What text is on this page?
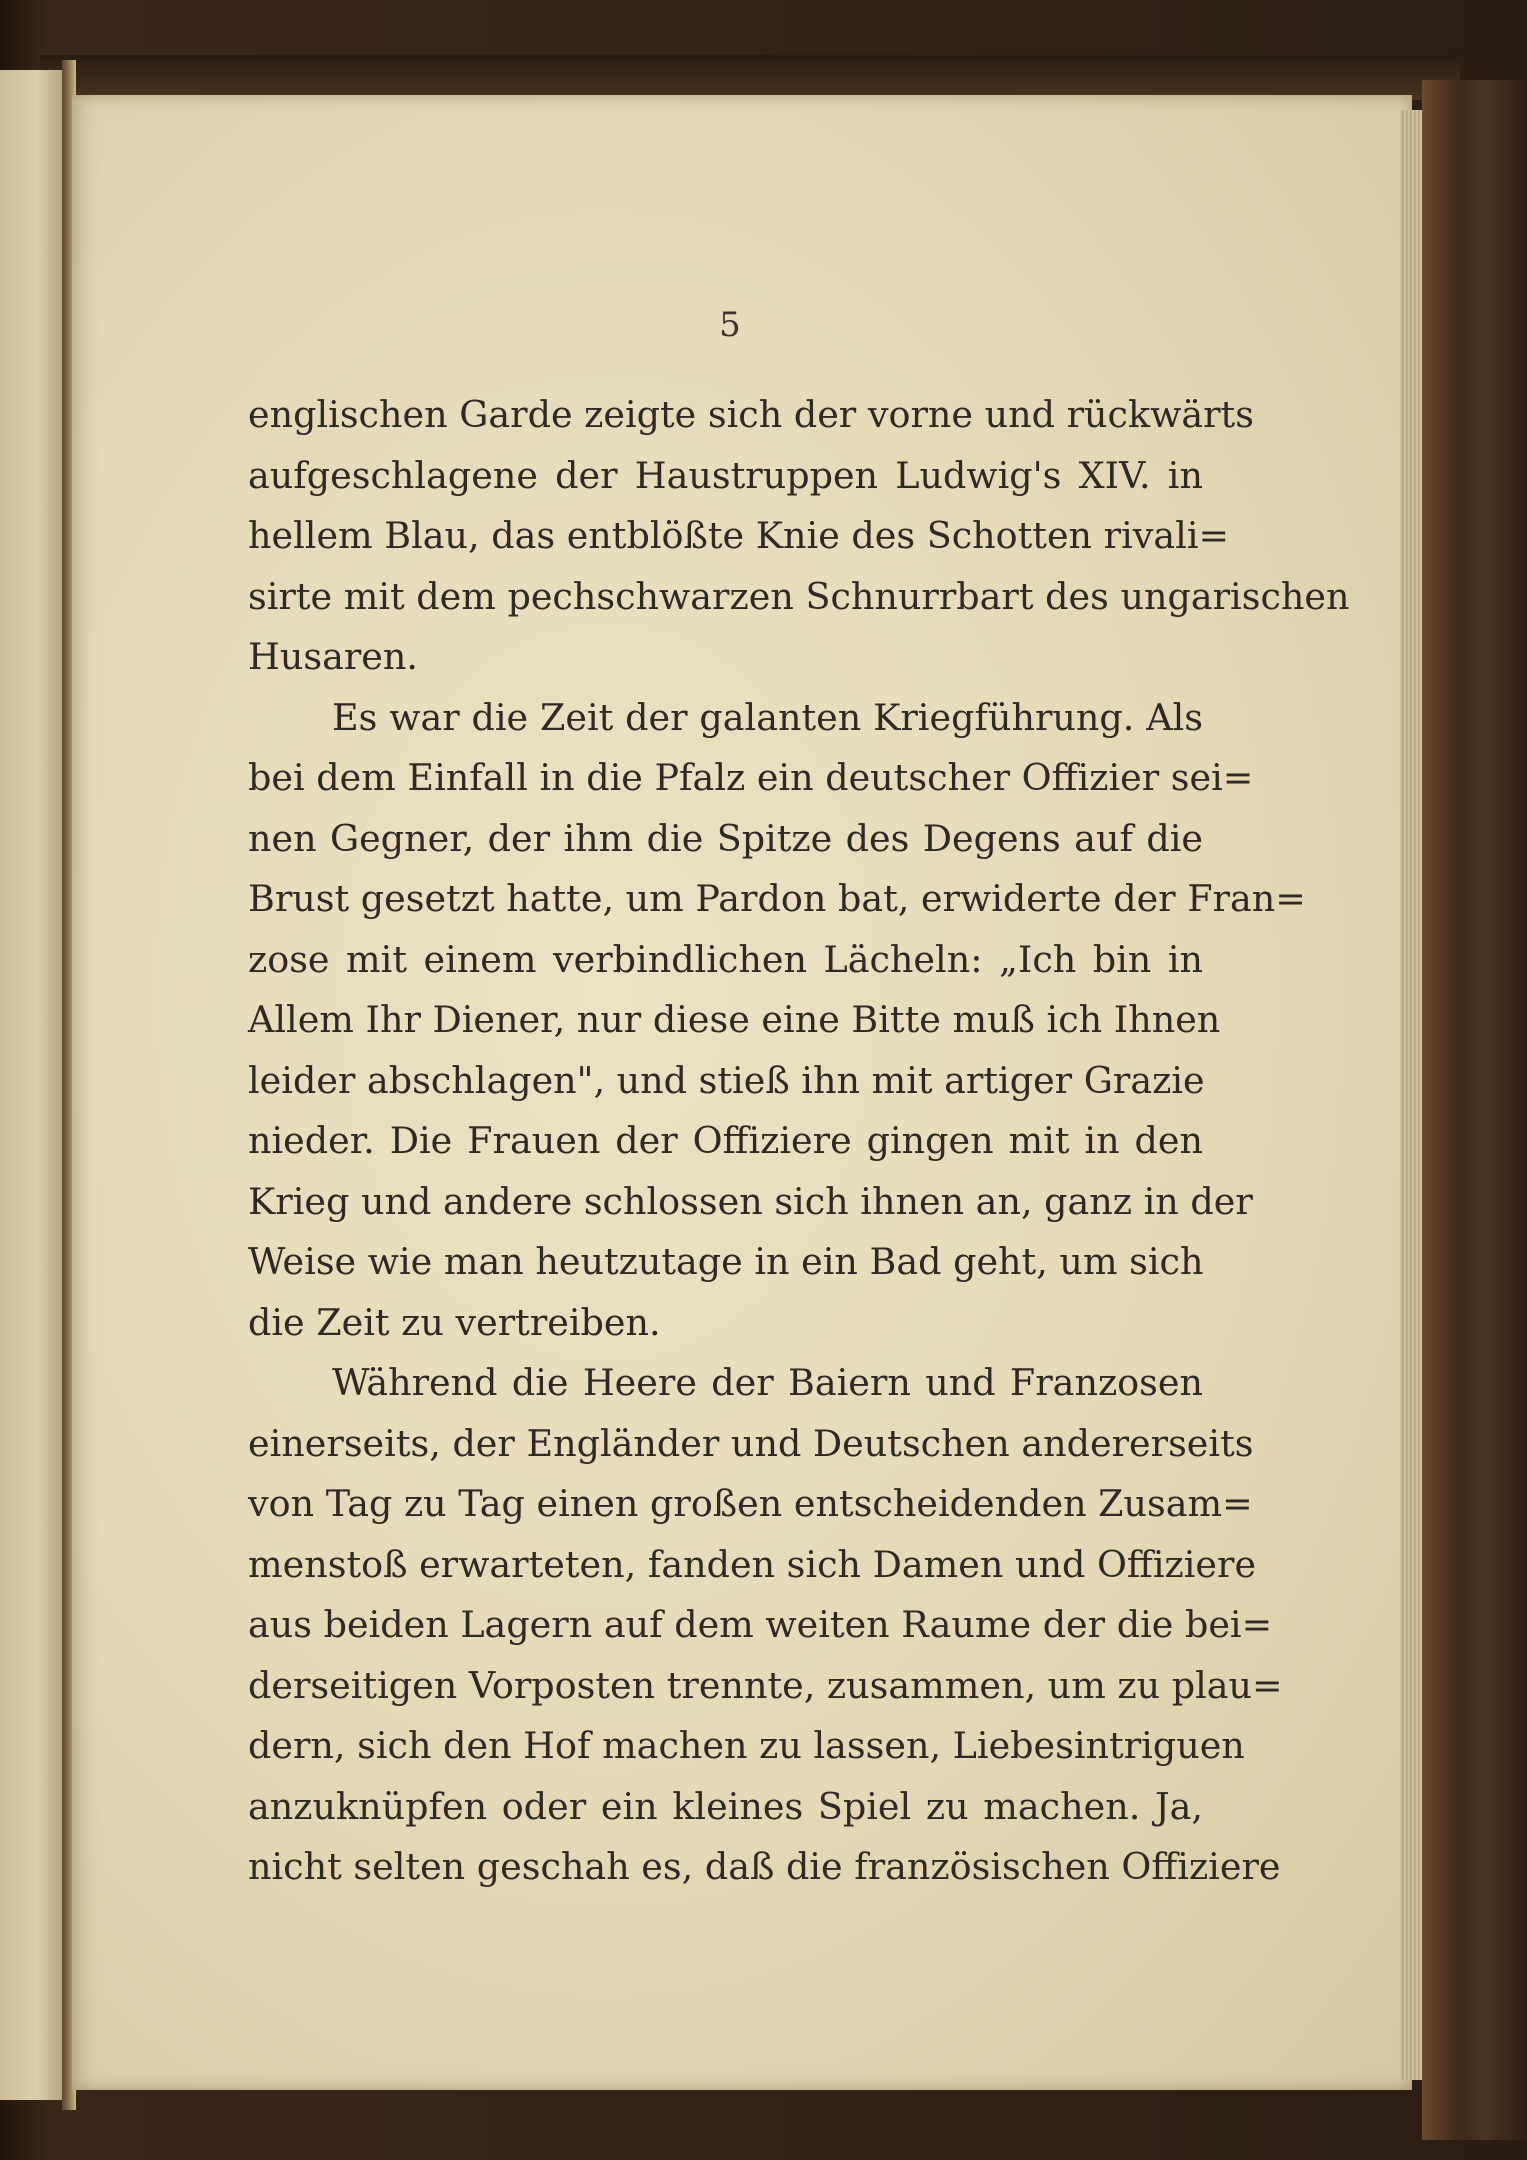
5

englischen Garde zeigte sich der vorne und rückwärts
aufgeschlagene der Haustruppen Ludwig's XIV. in
hellem Blau, das entblößte Knie des Schotten rivali=
sirte mit dem pechschwarzen Schnurrbart des ungarischen
Husaren.

Es war die Zeit der galanten Kriegführung. Als
bei dem Einfall in die Pfalz ein deutscher Offizier sei=
nen Gegner, der ihm die Spitze des Degens auf die
Brust gesetzt hatte, um Pardon bat, erwiderte der Fran=
zose mit einem verbindlichen Lächeln: „Ich bin in
Allem Ihr Diener, nur diese eine Bitte muß ich Ihnen
leider abschlagen", und stieß ihn mit artiger Grazie
nieder. Die Frauen der Offiziere gingen mit in den
Krieg und andere schlossen sich ihnen an, ganz in der
Weise wie man heutzutage in ein Bad geht, um sich
die Zeit zu vertreiben.

Während die Heere der Baiern und Franzosen
einerseits, der Engländer und Deutschen andererseits
von Tag zu Tag einen großen entscheidenden Zusam=
menstoß erwarteten, fanden sich Damen und Offiziere
aus beiden Lagern auf dem weiten Raume der die bei=
derseitigen Vorposten trennte, zusammen, um zu plau=
dern, sich den Hof machen zu lassen, Liebesintriguen
anzuknüpfen oder ein kleines Spiel zu machen. Ja,
nicht selten geschah es, daß die französischen Offiziere
